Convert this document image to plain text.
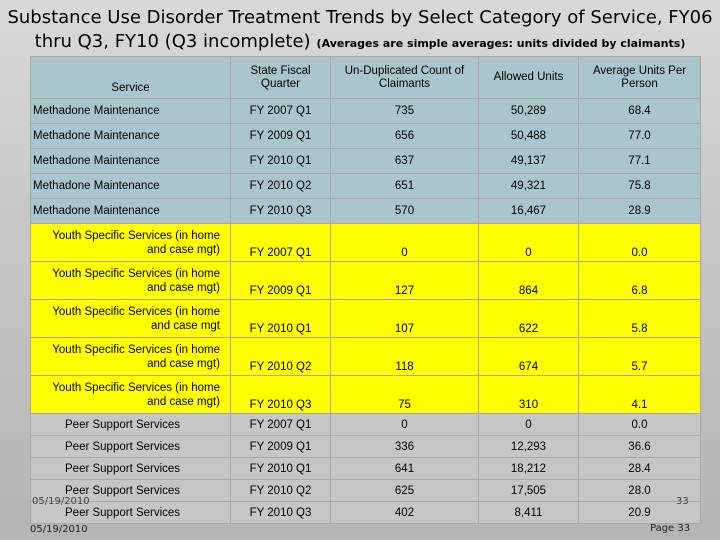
Substance Use Disorder Treatment Trends by Select Category of Service, FY06
thru Q3, FY10 (Q3 incomplete) (Averages are simple averages: units divided by claimants)
Service	State Fiscal Quarter	Un-Duplicated Count of Claimants	Allowed Units	Average Units Per Person
Methadone Maintenance	FY 2007 Q1	735	50,289	68.4
Methadone Maintenance	FY 2009 Q1	656	50,488	77.0
Methadone Maintenance	FY 2010 Q1	637	49,137	77.1
Methadone Maintenance	FY 2010 Q2	651	49,321	75.8
Methadone Maintenance	FY 2010 Q3	570	16,467	28.9
Youth Specific Services (in home and case mgt)	FY 2007 Q1	0	0	0.0
Youth Specific Services (in home and case mgt)	FY 2009 Q1	127	864	6.8
Youth Specific Services (in home and case mgt	FY 2010 Q1	107	622	5.8
Youth Specific Services (in home and case mgt)	FY 2010 Q2	118	674	5.7
Youth Specific Services (in home and case mgt)	FY 2010 Q3	75	310	4.1
Peer Support Services	FY 2007 Q1	0	0	0.0
Peer Support Services	FY 2009 Q1	336	12,293	36.6
Peer Support Services	FY 2010 Q1	641	18,212	28.4
Peer Support Services	FY 2010 Q2	625	17,505	28.0
Peer Support Services	FY 2010 Q3	402	8,411	20.9
05/19/2010	33
05/19/2010	Page 33
